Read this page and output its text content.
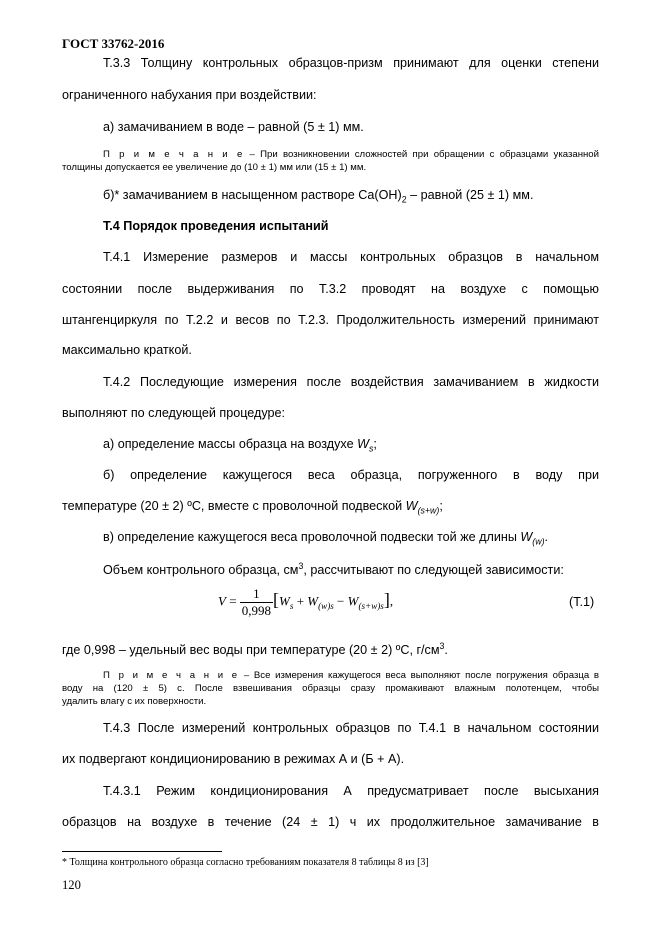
ГОСТ 33762-2016

Т.3.3 Толщину контрольных образцов-призм принимают для оценки степени

ограниченного набухания при воздействии:

а) замачиванием в воде – равной (5 ± 1) мм.

П р и м е ч а н и е – При возникновении сложностей при обращении с образцами указанной

толщины допускается ее увеличение до (10 ± 1) мм или (15 ± 1) мм.

б)* замачиванием в насыщенном растворе $Са(ОН)_2$ – равной (25 ± 1) мм.

Т.4 Порядок проведения испытаний

Т.4.1 Измерение размеров и массы контрольных образцов в начальном

состоянии после выдерживания по Т.3.2 проводят на воздухе с помощью

штангенциркуля по Т.2.2 и весов по Т.2.3. Продолжительность измерений принимают

максимально краткой.

Т.4.2 Последующие измерения после воздействия замачиванием в жидкости

выполняют по следующей процедуре:

а) определение массы образца на воздухе $W_s$;

б) определение кажущегося веса образца, погруженного в воду при

температуре (20 ± 2) ºС, вместе с проволочной подвеской $W_{(s+w)}$;

в) определение кажущегося веса проволочной подвески той же длины $W_{(w)}$.

Объем контрольного образца, $см^3$, рассчитывают по следующей зависимости:

$V = \frac{1}{0,998} [W_s + W_{(w)s} - W_{(s+w)s}]$,	(Т.1)

где 0,998 – удельный вес воды при температуре (20 ± 2) ºС, $г/см^3$.

П р и м е ч а н и е – Все измерения кажущегося веса выполняют после погружения образца в

воду на (120 ± 5) с. После взвешивания образцы сразу промакивают влажным полотенцем, чтобы

удалить влагу с их поверхности.

Т.4.3 После измерений контрольных образцов по Т.4.1 в начальном состоянии

их подвергают кондиционированию в режимах А и (Б + А).

Т.4.3.1 Режим кондиционирования А предусматривает после высыхания

образцов на воздухе в течение (24 ± 1) ч их продолжительное замачивание в

* Толщина контрольного образца согласно требованиям показателя 8 таблицы 8 из [3]
120
